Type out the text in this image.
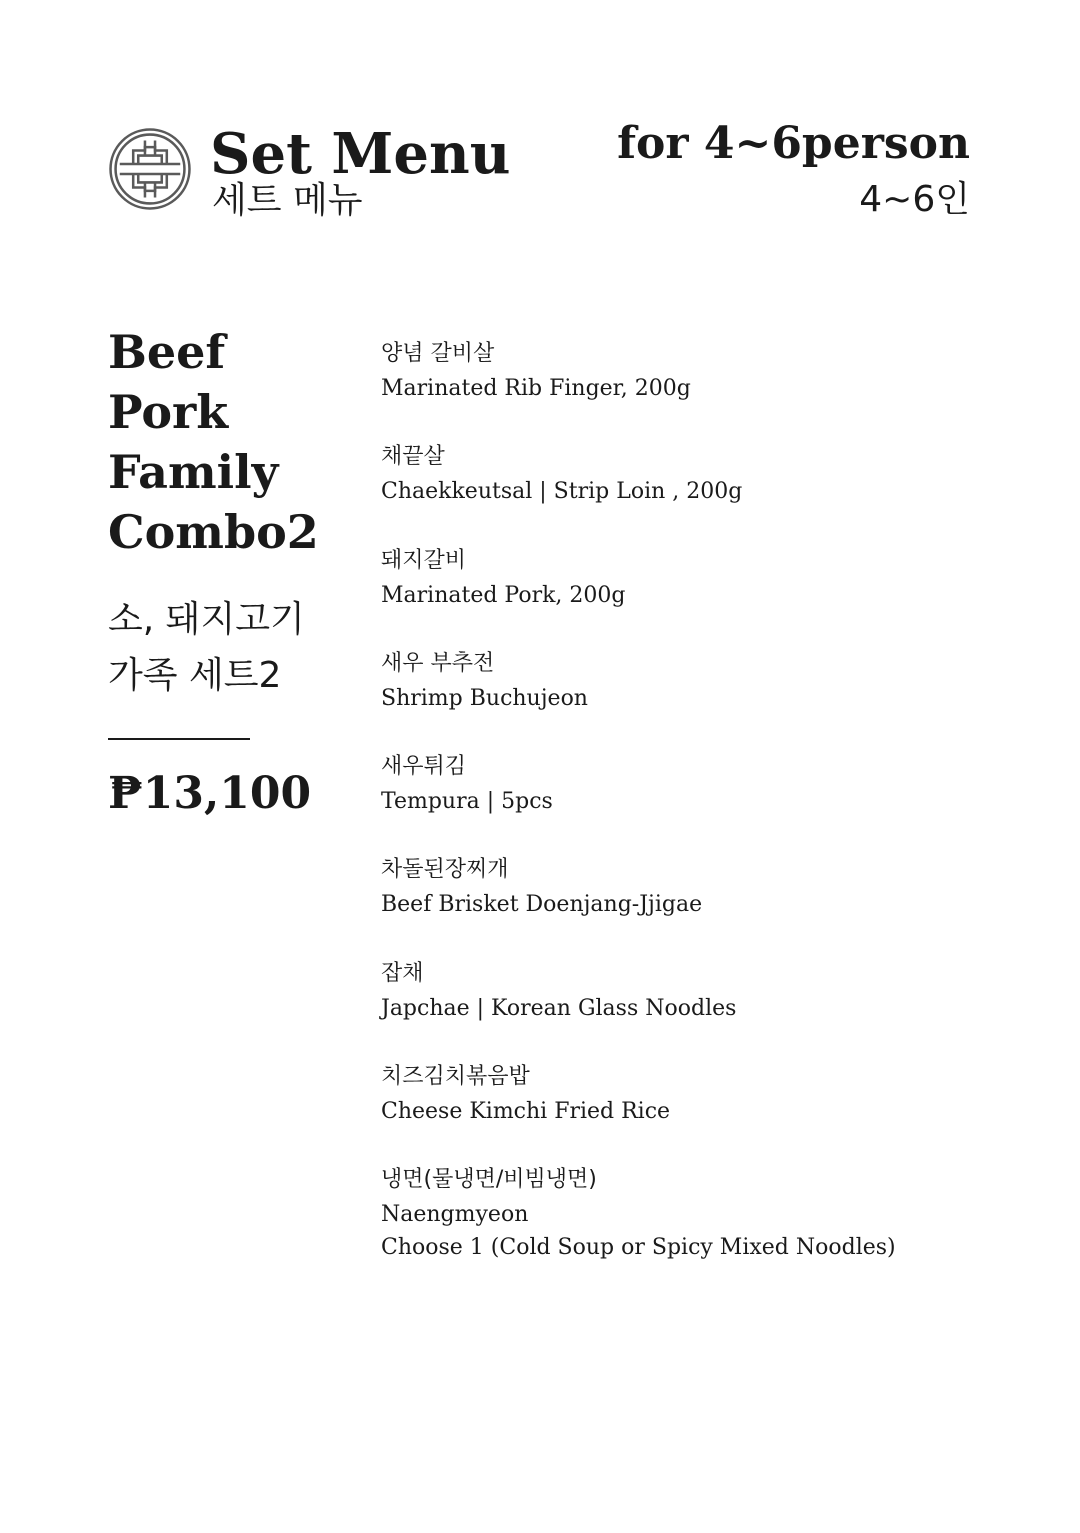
Set Menu
세트 메뉴
for 4~6person
4~6인
Beef
Pork
Family
Combo2
소, 돼지고기
가족 세트2
₱13,100
양념 갈비살
Marinated Rib Finger, 200g
채끝살
Chaekkeutsal | Strip Loin , 200g
돼지갈비
Marinated Pork, 200g
새우 부추전
Shrimp Buchujeon
새우튀김
Tempura | 5pcs
차돌된장찌개
Beef Brisket Doenjang-Jjigae
잡채
Japchae | Korean Glass Noodles
치즈김치볶음밥
Cheese Kimchi Fried Rice
냉면(물냉면/비빔냉면)
Naengmyeon
Choose 1 (Cold Soup or Spicy Mixed Noodles)
